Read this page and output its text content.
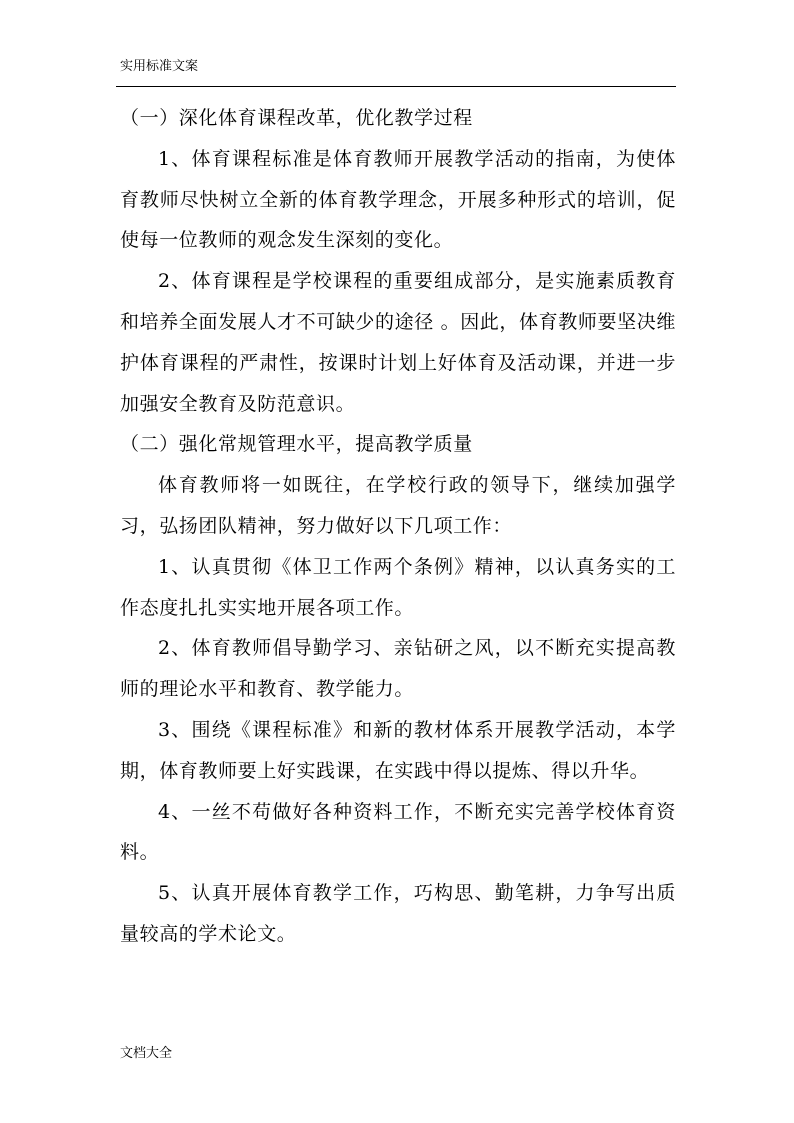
实用标准文案

（一）深化体育课程改革，优化教学过程

1、体育课程标准是体育教师开展教学活动的指南，为使体育教师尽快树立全新的体育教学理念，开展多种形式的培训，促使每一位教师的观念发生深刻的变化。

2、体育课程是学校课程的重要组成部分，是实施素质教育和培养全面发展人才不可缺少的途径 。因此，体育教师要坚决维护体育课程的严肃性，按课时计划上好体育及活动课，并进一步加强安全教育及防范意识。

（二）强化常规管理水平，提高教学质量

体育教师将一如既往，在学校行政的领导下，继续加强学习，弘扬团队精神，努力做好以下几项工作：

1、认真贯彻《体卫工作两个条例》精神，以认真务实的工作态度扎扎实实地开展各项工作。

2、体育教师倡导勤学习、亲钻研之风，以不断充实提高教师的理论水平和教育、教学能力。

3、围绕《课程标准》和新的教材体系开展教学活动，本学期，体育教师要上好实践课，在实践中得以提炼、得以升华。

4、一丝不苟做好各种资料工作，不断充实完善学校体育资料。

5、认真开展体育教学工作，巧构思、勤笔耕，力争写出质量较高的学术论文。

文档大全
